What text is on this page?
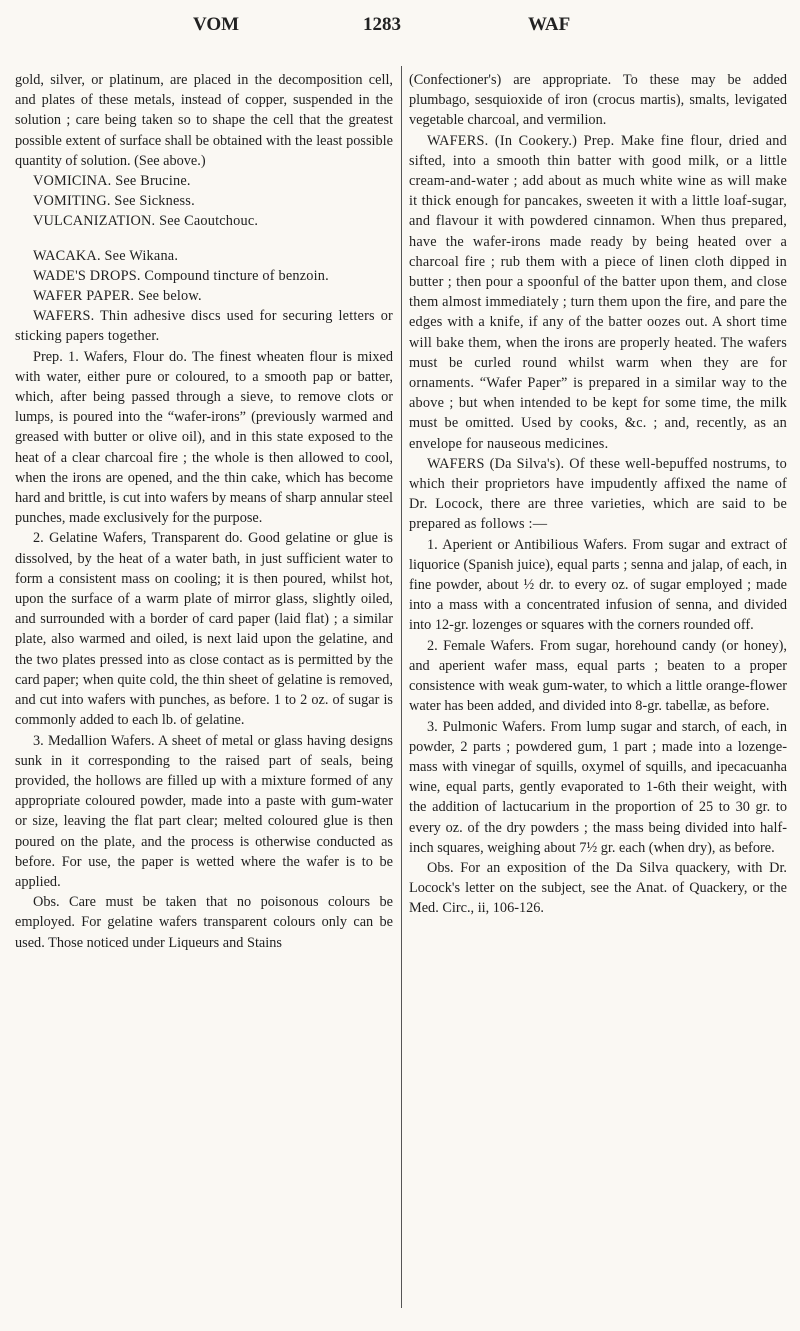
VOM	1283	WAF

gold, silver, or platinum, are placed in the decomposition cell, and plates of these metals, instead of copper, suspended in the solution ; care being taken so to shape the cell that the greatest possible extent of surface shall be obtained with the least possible quantity of solution. (See above.)

VOMICINA. See Brucine.

VOMITING. See Sickness.

VULCANIZATION. See Caoutchouc.

WACAKA. See Wikana.

WADE'S DROPS. Compound tincture of benzoin.

WAFER PAPER. See below.

WAFERS. Thin adhesive discs used for securing letters or sticking papers together.

Prep. 1. Wafers, Flour do. The finest wheaten flour is mixed with water, either pure or coloured, to a smooth pap or batter, which, after being passed through a sieve, to remove clots or lumps, is poured into the “wafer-irons” (previously warmed and greased with butter or olive oil), and in this state exposed to the heat of a clear charcoal fire ; the whole is then allowed to cool, when the irons are opened, and the thin cake, which has become hard and brittle, is cut into wafers by means of sharp annular steel punches, made exclusively for the purpose.

2. Gelatine Wafers, Transparent do. Good gelatine or glue is dissolved, by the heat of a water bath, in just sufficient water to form a consistent mass on cooling; it is then poured, whilst hot, upon the surface of a warm plate of mirror glass, slightly oiled, and surrounded with a border of card paper (laid flat) ; a similar plate, also warmed and oiled, is next laid upon the gelatine, and the two plates pressed into as close contact as is permitted by the card paper; when quite cold, the thin sheet of gelatine is removed, and cut into wafers with punches, as before. 1 to 2 oz. of sugar is commonly added to each lb. of gelatine.

3. Medallion Wafers. A sheet of metal or glass having designs sunk in it corresponding to the raised part of seals, being provided, the hollows are filled up with a mixture formed of any appropriate coloured powder, made into a paste with gum-water or size, leaving the flat part clear; melted coloured glue is then poured on the plate, and the process is otherwise conducted as before. For use, the paper is wetted where the wafer is to be applied.

Obs. Care must be taken that no poisonous colours be employed. For gelatine wafers transparent colours only can be used. Those noticed under Liqueurs and Stains

(Confectioner's) are appropriate. To these may be added plumbago, sesquioxide of iron (crocus martis), smalts, levigated vegetable charcoal, and vermilion.

WAFERS. (In Cookery.) Prep. Make fine flour, dried and sifted, into a smooth thin batter with good milk, or a little cream-and-water ; add about as much white wine as will make it thick enough for pancakes, sweeten it with a little loaf-sugar, and flavour it with powdered cinnamon. When thus prepared, have the wafer-irons made ready by being heated over a charcoal fire ; rub them with a piece of linen cloth dipped in butter ; then pour a spoonful of the batter upon them, and close them almost immediately ; turn them upon the fire, and pare the edges with a knife, if any of the batter oozes out. A short time will bake them, when the irons are properly heated. The wafers must be curled round whilst warm when they are for ornaments. “Wafer Paper” is prepared in a similar way to the above ; but when intended to be kept for some time, the milk must be omitted. Used by cooks, &c. ; and, recently, as an envelope for nauseous medicines.

WAFERS (Da Silva's). Of these well-bepuffed nostrums, to which their proprietors have impudently affixed the name of Dr. Locock, there are three varieties, which are said to be prepared as follows :—

1. Aperient or Antibilious Wafers. From sugar and extract of liquorice (Spanish juice), equal parts ; senna and jalap, of each, in fine powder, about ½ dr. to every oz. of sugar employed ; made into a mass with a concentrated infusion of senna, and divided into 12-gr. lozenges or squares with the corners rounded off.

2. Female Wafers. From sugar, horehound candy (or honey), and aperient wafer mass, equal parts ; beaten to a proper consistence with weak gum-water, to which a little orange-flower water has been added, and divided into 8-gr. tabellæ, as before.

3. Pulmonic Wafers. From lump sugar and starch, of each, in powder, 2 parts ; powdered gum, 1 part ; made into a lozenge-mass with vinegar of squills, oxymel of squills, and ipecacuanha wine, equal parts, gently evaporated to 1-6th their weight, with the addition of lactucarium in the proportion of 25 to 30 gr. to every oz. of the dry powders ; the mass being divided into half-inch squares, weighing about 7½ gr. each (when dry), as before.

Obs. For an exposition of the Da Silva quackery, with Dr. Locock's letter on the subject, see the Anat. of Quackery, or the Med. Circ., ii, 106-126.
